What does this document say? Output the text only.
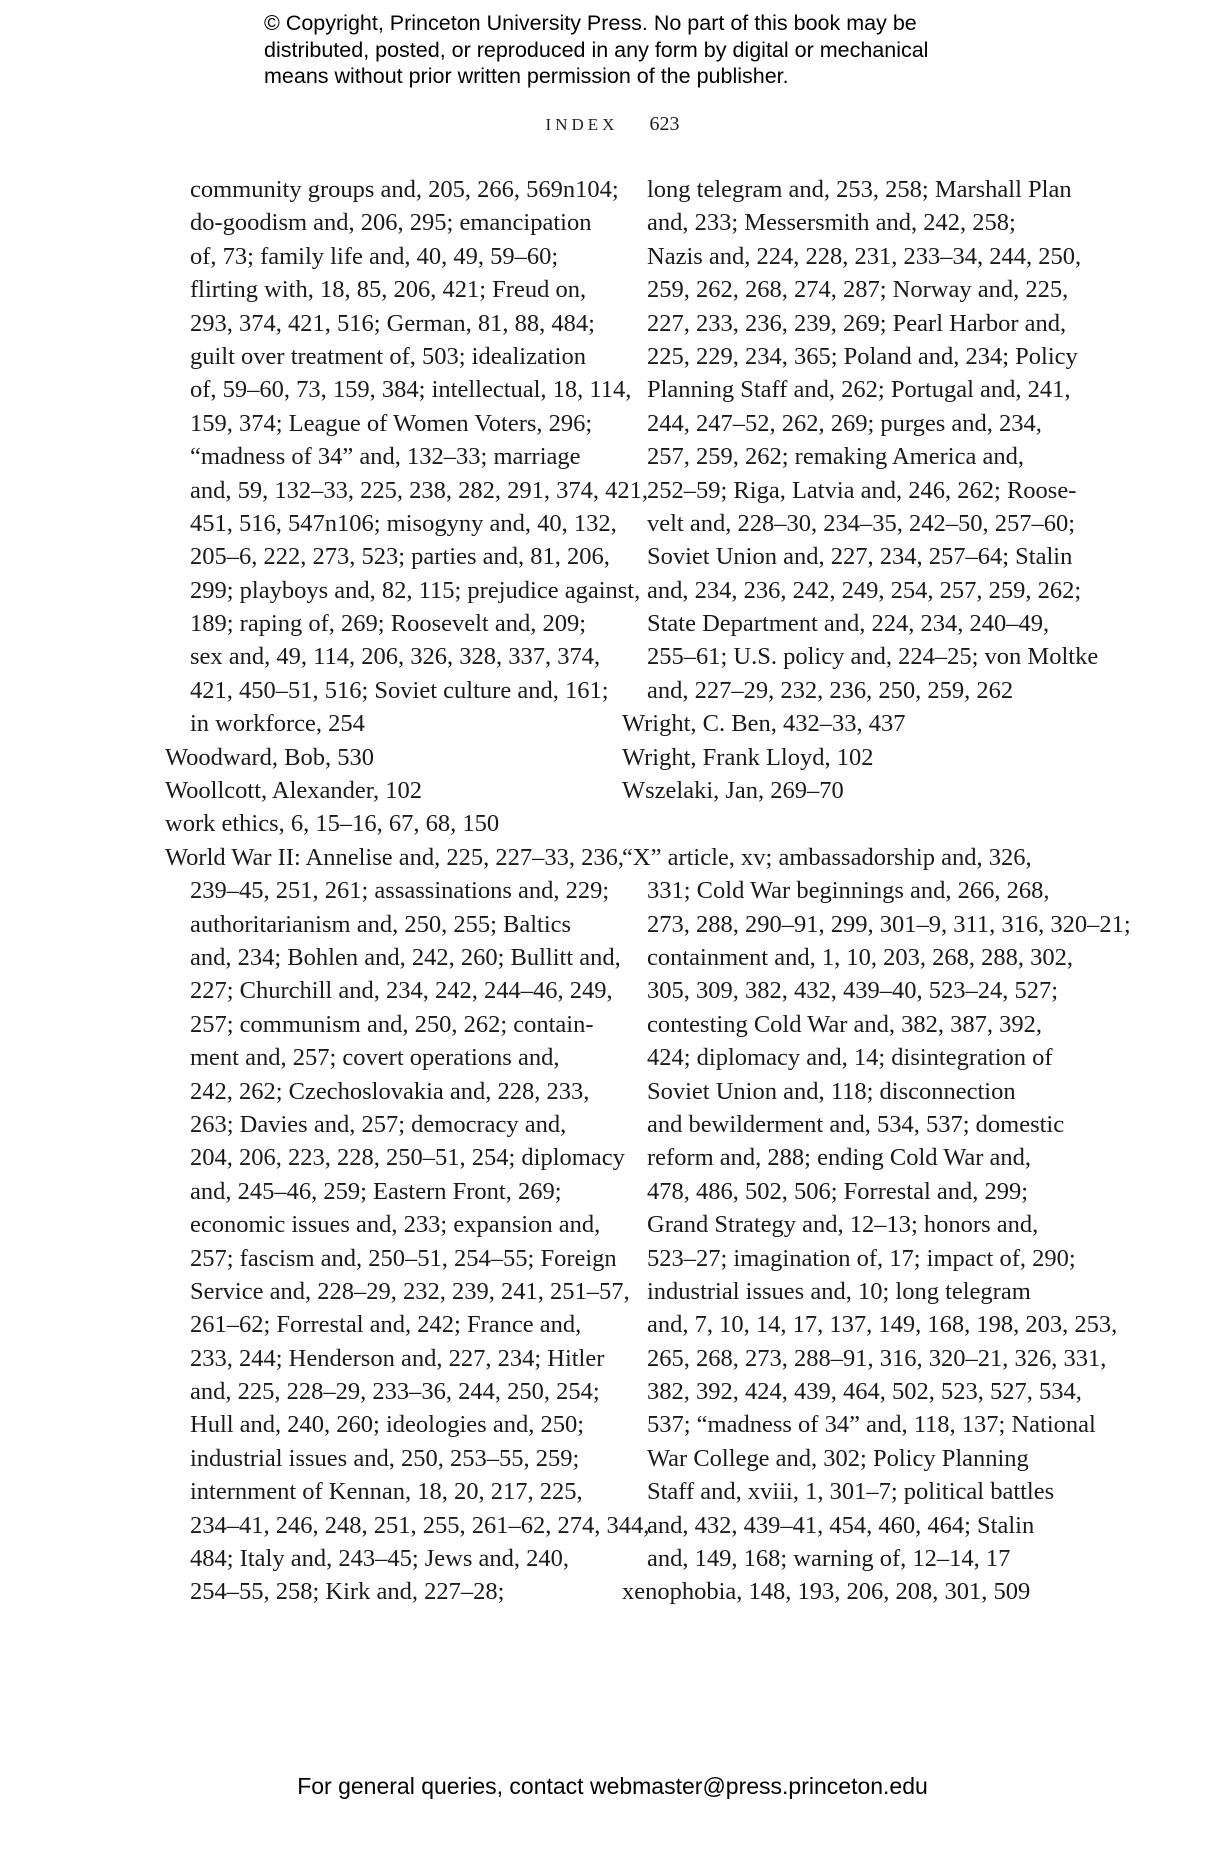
© Copyright, Princeton University Press. No part of this book may be
distributed, posted, or reproduced in any form by digital or mechanical
means without prior written permission of the publisher.
INDEX 623
community groups and, 205, 266, 569n104;
do-goodism and, 206, 295; emancipation
of, 73; family life and, 40, 49, 59–60;
flirting with, 18, 85, 206, 421; Freud on,
293, 374, 421, 516; German, 81, 88, 484;
guilt over treatment of, 503; idealization
of, 59–60, 73, 159, 384; intellectual, 18, 114,
159, 374; League of Women Voters, 296;
“madness of 34” and, 132–33; marriage
and, 59, 132–33, 225, 238, 282, 291, 374, 421,
451, 516, 547n106; misogyny and, 40, 132,
205–6, 222, 273, 523; parties and, 81, 206,
299; playboys and, 82, 115; prejudice against,
189; raping of, 269; Roosevelt and, 209;
sex and, 49, 114, 206, 326, 328, 337, 374,
421, 450–51, 516; Soviet culture and, 161;
in workforce, 254
Woodward, Bob, 530
Woollcott, Alexander, 102
work ethics, 6, 15–16, 67, 68, 150
World War II: Annelise and, 225, 227–33, 236,
239–45, 251, 261; assassinations and, 229;
authoritarianism and, 250, 255; Baltics
and, 234; Bohlen and, 242, 260; Bullitt and,
227; Churchill and, 234, 242, 244–46, 249,
257; communism and, 250, 262; contain-
ment and, 257; covert operations and,
242, 262; Czechoslovakia and, 228, 233,
263; Davies and, 257; democracy and,
204, 206, 223, 228, 250–51, 254; diplomacy
and, 245–46, 259; Eastern Front, 269;
economic issues and, 233; expansion and,
257; fascism and, 250–51, 254–55; Foreign
Service and, 228–29, 232, 239, 241, 251–57,
261–62; Forrestal and, 242; France and,
233, 244; Henderson and, 227, 234; Hitler
and, 225, 228–29, 233–36, 244, 250, 254;
Hull and, 240, 260; ideologies and, 250;
industrial issues and, 250, 253–55, 259;
internment of Kennan, 18, 20, 217, 225,
234–41, 246, 248, 251, 255, 261–62, 274, 344,
484; Italy and, 243–45; Jews and, 240,
254–55, 258; Kirk and, 227–28;
long telegram and, 253, 258; Marshall Plan
and, 233; Messersmith and, 242, 258;
Nazis and, 224, 228, 231, 233–34, 244, 250,
259, 262, 268, 274, 287; Norway and, 225,
227, 233, 236, 239, 269; Pearl Harbor and,
225, 229, 234, 365; Poland and, 234; Policy
Planning Staff and, 262; Portugal and, 241,
244, 247–52, 262, 269; purges and, 234,
257, 259, 262; remaking America and,
252–59; Riga, Latvia and, 246, 262; Roose-
velt and, 228–30, 234–35, 242–50, 257–60;
Soviet Union and, 227, 234, 257–64; Stalin
and, 234, 236, 242, 249, 254, 257, 259, 262;
State Department and, 224, 234, 240–49,
255–61; U.S. policy and, 224–25; von Moltke
and, 227–29, 232, 236, 250, 259, 262
Wright, C. Ben, 432–33, 437
Wright, Frank Lloyd, 102
Wszelaki, Jan, 269–70
“X” article, xv; ambassadorship and, 326,
331; Cold War beginnings and, 266, 268,
273, 288, 290–91, 299, 301–9, 311, 316, 320–21;
containment and, 1, 10, 203, 268, 288, 302,
305, 309, 382, 432, 439–40, 523–24, 527;
contesting Cold War and, 382, 387, 392,
424; diplomacy and, 14; disintegration of
Soviet Union and, 118; disconnection
and bewilderment and, 534, 537; domestic
reform and, 288; ending Cold War and,
478, 486, 502, 506; Forrestal and, 299;
Grand Strategy and, 12–13; honors and,
523–27; imagination of, 17; impact of, 290;
industrial issues and, 10; long telegram
and, 7, 10, 14, 17, 137, 149, 168, 198, 203, 253,
265, 268, 273, 288–91, 316, 320–21, 326, 331,
382, 392, 424, 439, 464, 502, 523, 527, 534,
537; “madness of 34” and, 118, 137; National
War College and, 302; Policy Planning
Staff and, xviii, 1, 301–7; political battles
and, 432, 439–41, 454, 460, 464; Stalin
and, 149, 168; warning of, 12–14, 17
xenophobia, 148, 193, 206, 208, 301, 509
For general queries, contact webmaster@press.princeton.edu
